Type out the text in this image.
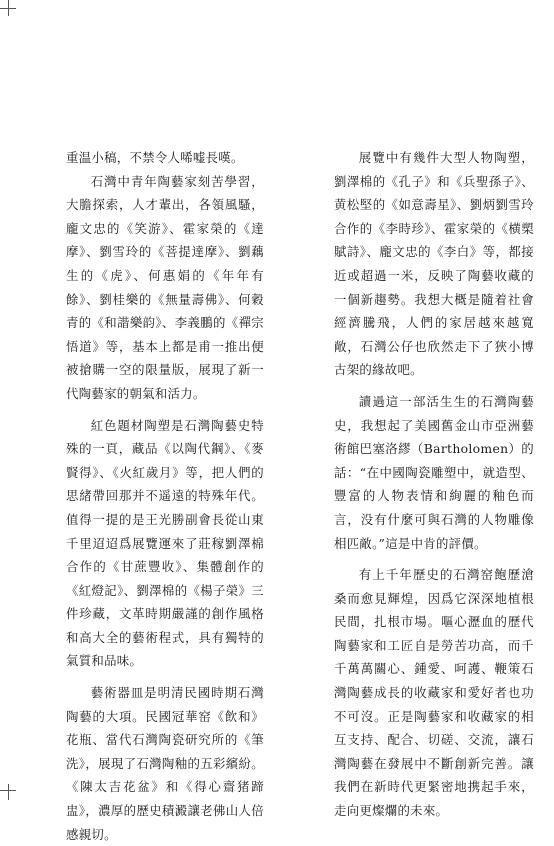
重温小稿，不禁令人唏嘘長嘆。

石灣中青年陶藝家刻苦學習，大膽探索，人才輩出，各領風騷，龐文忠的《笑游》、霍家榮的《達摩》、劉雪玲的《菩提達摩》、劉藕生的《虎》、何惠娟的《年年有餘》、劉桂樂的《無量壽佛》、何穀青的《和諧樂韵》、李義鵬的《禪宗悟道》等，基本上都是甫一推出便被搶購一空的限量版，展現了新一代陶藝家的朝氣和活力。

紅色題材陶塑是石灣陶藝史特殊的一頁，藏品《以陶代鋼》、《麥賢得》、《火紅歲月》等，把人們的思緒帶回那并不遥遠的特殊年代。值得一提的是王光勝副會長從山東千里迢迢爲展覽運來了莊稼劉澤棉合作的《甘蔗豐收》、集體創作的《紅燈記》、劉澤棉的《楊子榮》三件珍藏，文革時期嚴謹的創作風格和高大全的藝術程式，具有獨特的氣質和品味。

藝術器皿是明清民國時期石灣陶藝的大項。民國冠華窑《飲和》花瓶、當代石灣陶瓷研究所的《筆洗》，展現了石灣陶釉的五彩繽紛。《陳太吉花盆》和《得心齋猪蹄盅》，濃厚的歷史積澱讓老佛山人倍感親切。

展覽中有幾件大型人物陶塑，劉澤棉的《孔子》和《兵聖孫子》、黄松堅的《如意壽星》、劉炳劉雪玲合作的《李時珍》、霍家榮的《横槊賦詩》、龐文忠的《李白》等，都接近或超過一米，反映了陶藝收藏的一個新趨勢。我想大概是隨着社會經濟騰飛，人們的家居越來越寬敞，石灣公仔也欣然走下了狹小博古架的緣故吧。

讀過這一部活生生的石灣陶藝史，我想起了美國舊金山市亞洲藝術館巴塞洛繆（Bartholomen）的話：“在中國陶瓷雕塑中，就造型、豐富的人物表情和絢麗的釉色而言，没有什麼可與石灣的人物雕像相匹敵。”這是中肯的評價。

有上千年歷史的石灣窑飽歷滄桑而愈見輝煌，因爲它深深地植根民間，扎根市場。嘔心瀝血的歷代陶藝家和工匠自是勞苦功高，而千千萬萬關心、鍾愛、呵護、鞭策石灣陶藝成長的收藏家和愛好者也功不可沒。正是陶藝家和收藏家的相互支持、配合、切磋、交流，讓石灣陶藝在發展中不斷創新完善。讓我們在新時代更緊密地携起手來，走向更燦爛的未來。
